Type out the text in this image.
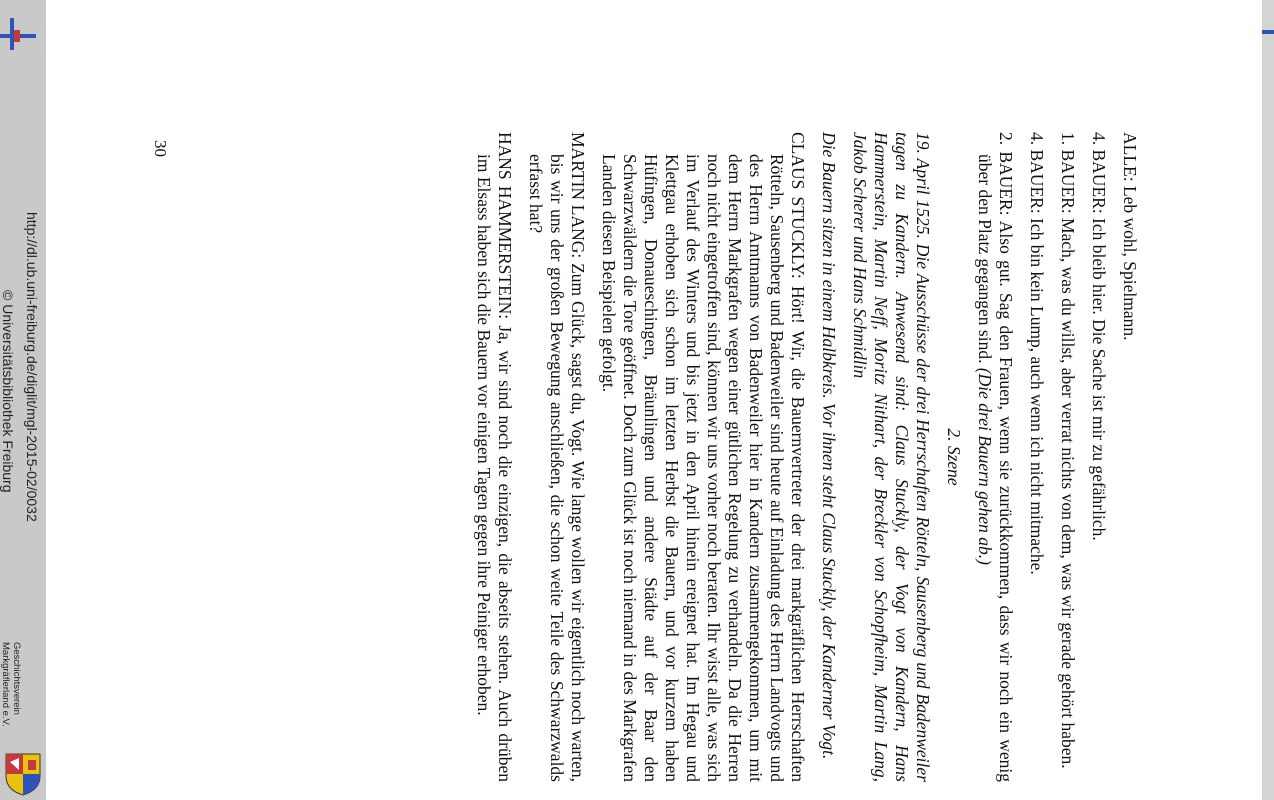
ALLE: Leb wohl, Spielmann.

4. BAUER: Ich bleib hier. Die Sache ist mir zu gefährlich.

1. BAUER: Mach, was du willst, aber verrat nichts von dem, was wir gerade gehört haben.

4. BAUER: Ich bin kein Lump, auch wenn ich nicht mitmache.

2. BAUER: Also gut. Sag den Frauen, wenn sie zurückkommen, dass wir noch ein wenig über den Platz gegangen sind. (Die drei Bauern gehen ab.)

2. Szene

19. April 1525. Die Ausschüsse der drei Herrschaften Rötteln, Sausenberg und Badenweiler tagen zu Kandern. Anwesend sind: Claus Stuckly, der Vogt von Kandern, Hans Hammerstein, Martin Neff, Moritz Nithart, der Breckler von Schopfheim, Martin Lang, Jakob Scherer und Hans Schmidlin

Die Bauern sitzen in einem Halbkreis. Vor ihnen steht Claus Stuckly, der Kanderner Vogt.

CLAUS STUCKLY: Hört! Wir, die Bauernvertreter der drei markgräflichen Herrschaften Rötteln, Sausenberg und Badenweiler sind heute auf Einladung des Herrn Landvogts und des Herrn Amtmanns von Badenweiler hier in Kandern zusammengekommen, um mit dem Herrn Markgrafen wegen einer gütlichen Regelung zu verhandeln. Da die Herren noch nicht eingetroffen sind, können wir uns vorher noch beraten. Ihr wisst alle, was sich im Verlauf des Winters und bis jetzt in den April hinein ereignet hat. Im Hegau und Klettgau erhoben sich schon im letzten Herbst die Bauern, und vor kurzem haben Hüfingen, Donaueschingen, Bräunlingen und andere Städte auf der Baar den Schwarzwäldern die Tore geöffnet. Doch zum Glück ist noch niemand in des Markgrafen Landen diesen Beispielen gefolgt.

MARTIN LANG: Zum Glück, sagst du, Vogt. Wie lange wollen wir eigentlich noch warten, bis wir uns der großen Bewegung anschließen, die schon weite Teile des Schwarzwalds erfasst hat?

HANS HAMMERSTEIN: Ja, wir sind noch die einzigen, die abseits stehen. Auch drüben im Elsass haben sich die Bauern vor einigen Tagen gegen ihre Peiniger erhoben.

30
http://dl.ub.uni-freiburg.de/diglit/mgl-2015-02/0032
© Universitätsbibliothek Freiburg
Geschichtsverein
Markgräflerland e.V.
